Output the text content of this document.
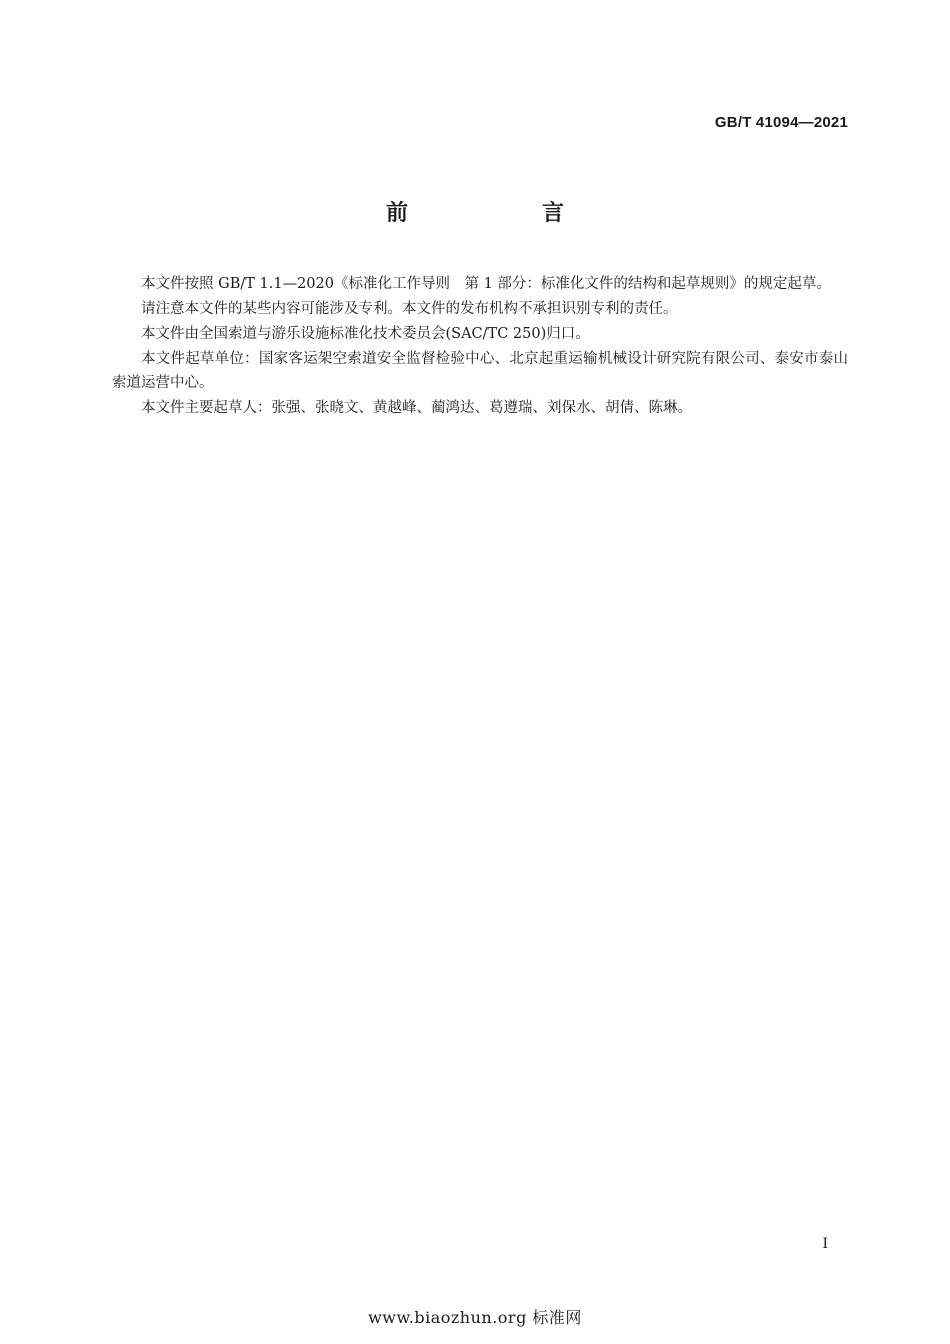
GB/T 41094—2021
前　言

本文件按照 GB/T 1.1—2020《标准化工作导则　第 1 部分：标准化文件的结构和起草规则》的规定起草。

请注意本文件的某些内容可能涉及专利。本文件的发布机构不承担识别专利的责任。

本文件由全国索道与游乐设施标准化技术委员会(SAC/TC 250)归口。

本文件起草单位：国家客运架空索道安全监督检验中心、北京起重运输机械设计研究院有限公司、泰安市泰山索道运营中心。

本文件主要起草人：张强、张晓文、黄越峰、蔺鸿达、葛遵瑞、刘保水、胡倩、陈琳。

I
www.biaozhun.org 标准网
